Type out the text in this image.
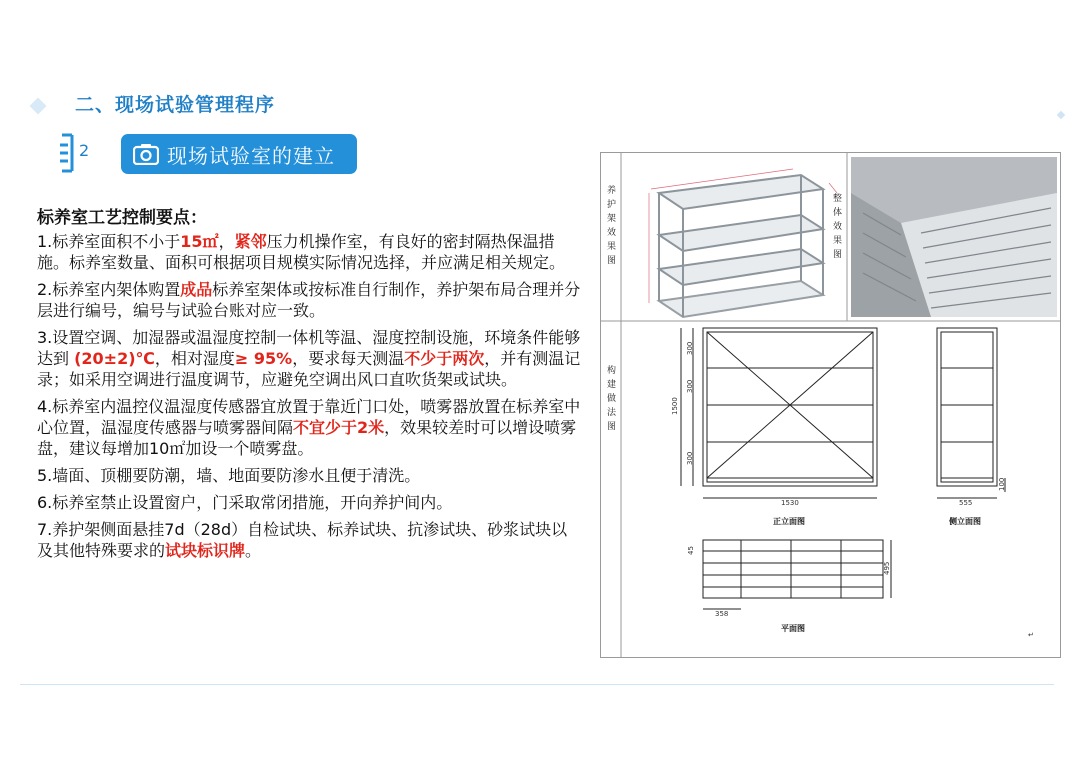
二、现场试验管理程序
2	现场试验室的建立
标养室工艺控制要点：

1.标养室面积不小于15㎡，紧邻压力机操作室，有良好的密封隔热保温措施。标养室数量、面积可根据项目规模实际情况选择，并应满足相关规定。

2.标养室内架体购置成品标养室架体或按标准自行制作，养护架布局合理并分层进行编号，编号与试验台账对应一致。

3.设置空调、加湿器或温湿度控制一体机等温、湿度控制设施，环境条件能够达到 (20±2)℃，相对湿度≥ 95%，要求每天测温不少于两次，并有测温记录；如采用空调进行温度调节，应避免空调出风口直吹货架或试块。

4.标养室内温控仪温湿度传感器宜放置于靠近门口处，喷雾器放置在标养室中心位置，温湿度传感器与喷雾器间隔不宜少于2米，效果较差时可以增设喷雾盘，建议每增加10㎡加设一个喷雾盘。

5.墙面、顶棚要防潮，墙、地面要防渗水且便于清洗。

6.标养室禁止设置窗户，门采取常闭措施，开向养护间内。

7.养护架侧面悬挂7d（28d）自检试块、标养试块、抗渗试块、砂浆试块以及其他特殊要求的试块标识牌。

养护架效果图
整体效果图
构建做法图
1500
300
300
300
1530
正立面图
555
100
侧立面图
495
358
45
平面图
↵
